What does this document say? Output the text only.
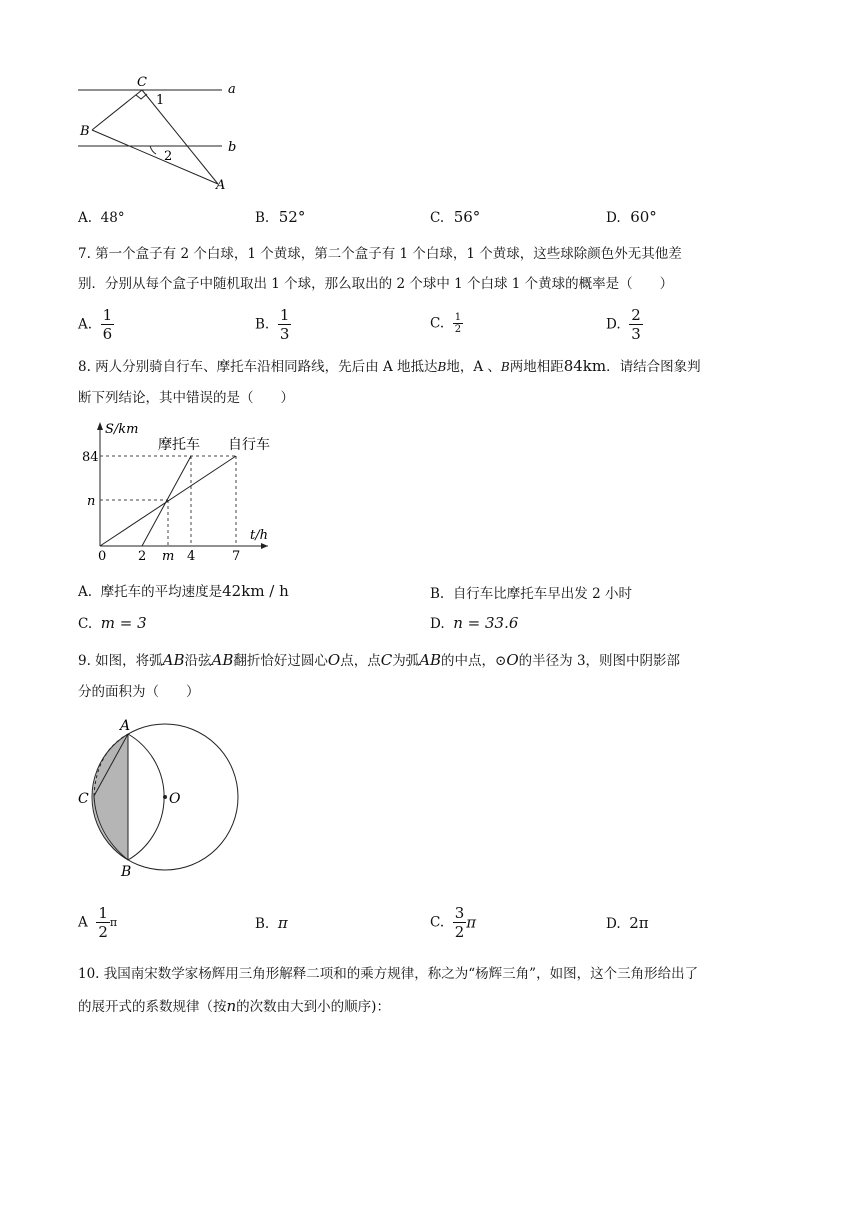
C
B
A
a
b
1
2
A. 48°	B. 52°	C. 56°	D. 60°
7. 第一个盒子有 2 个白球，1 个黄球，第二个盒子有 1 个白球，1 个黄球，这些球除颜色外无其他差
别．分别从每个盒子中随机取出 1 个球，那么取出的 2 个球中 1 个白球 1 个黄球的概率是（　　）
A. $\frac{1}{6}$	B. $\frac{1}{3}$	C. $\frac{1}{2}$	D. $\frac{2}{3}$
8. 两人分别骑自行车、摩托车沿相同路线，先后由 A 地抵达B地，A 、B两地相距84km．请结合图象判
断下列结论，其中错误的是（　　）
S/km
t/h
摩托车 自行车
84
n
0 2 m 4	7
A. 摩托车的平均速度是42km / h	B. 自行车比摩托车早出发 2 小时
C. m = 3	D. n = 33.6
9. 如图，将弧AB沿弦AB翻折恰好过圆心O点，点C为弧AB的中点，⊙O的半径为 3，则图中阴影部
分的面积为（　　）
A
B
C	O
A $\frac{1}{2}$ π	B. π	C. $\frac{3}{2}$ π	D. 2π
10. 我国南宋数学家杨辉用三角形解释二项和的乘方规律，称之为“杨辉三角”，如图，这个三角形给出了
的展开式的系数规律（按n的次数由大到小的顺序)：
